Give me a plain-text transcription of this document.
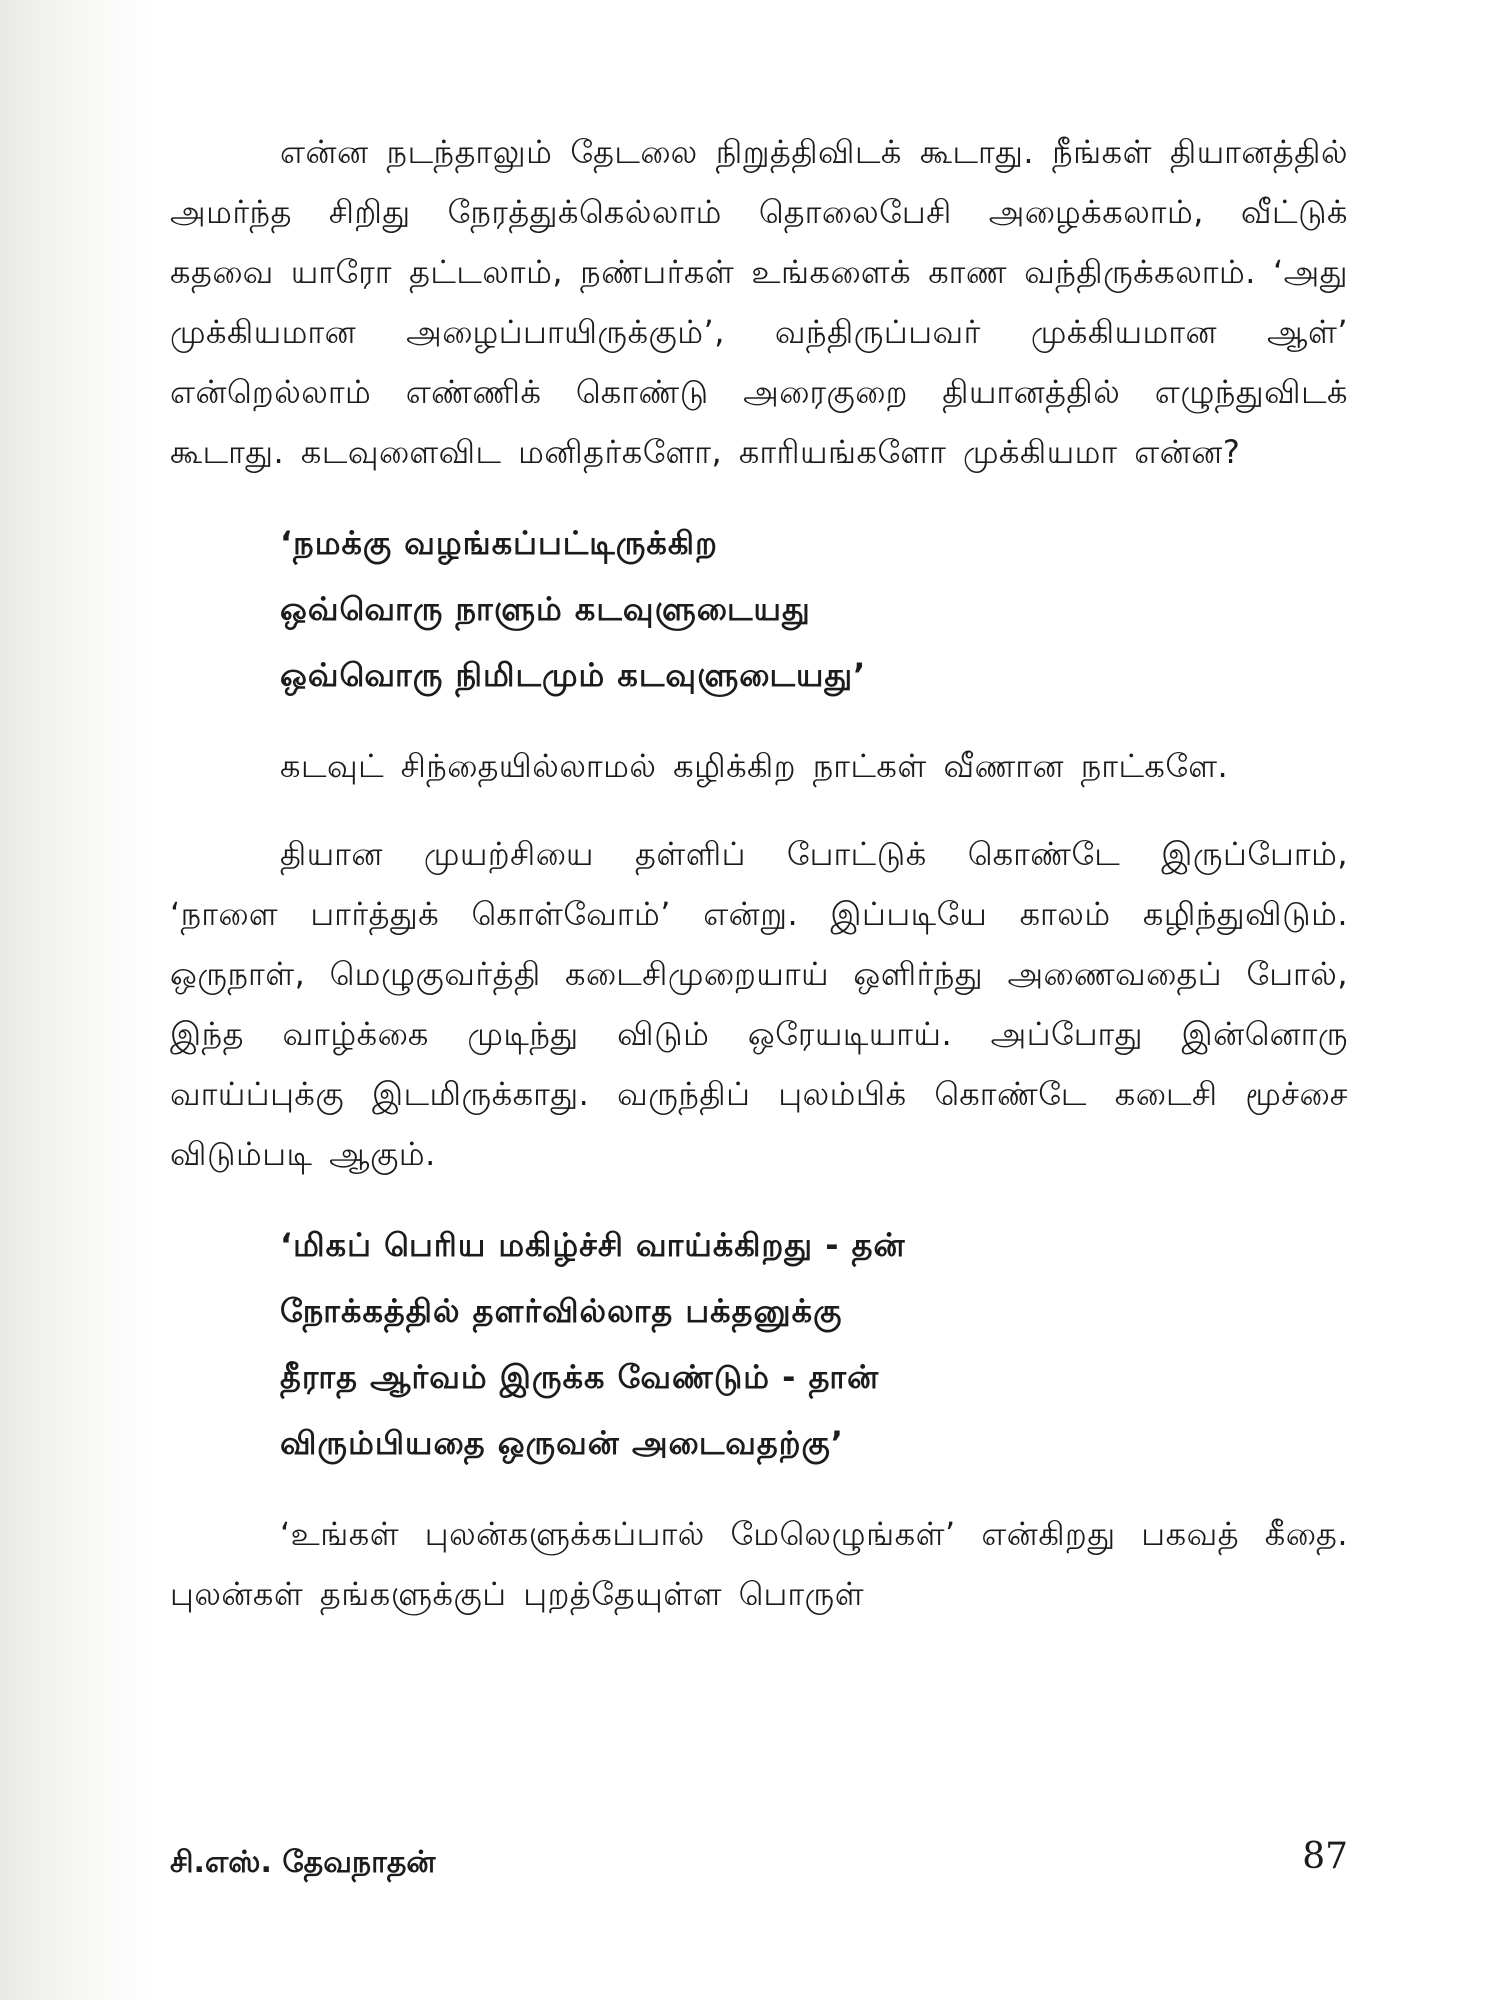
என்ன நடந்தாலும் தேடலை நிறுத்திவிடக் கூடாது. நீங்கள் தியானத்தில் அமர்ந்த சிறிது நேரத்துக்கெல்லாம் தொலைபேசி அழைக்கலாம், வீட்டுக் கதவை யாரோ தட்டலாம், நண்பர்கள் உங்களைக் காண வந்திருக்கலாம். ‘அது முக்கியமான அழைப்பாயிருக்கும்’, வந்திருப்பவர் முக்கியமான ஆள்’ என்றெல்லாம் எண்ணிக் கொண்டு அரைகுறை தியானத்தில் எழுந்துவிடக் கூடாது. கடவுளைவிட மனிதர்களோ, காரியங்களோ முக்கியமா என்ன?

‘நமக்கு வழங்கப்பட்டிருக்கிற
ஒவ்வொரு நாளும் கடவுளுடையது
ஒவ்வொரு நிமிடமும் கடவுளுடையது’

கடவுட் சிந்தையில்லாமல் கழிக்கிற நாட்கள் வீணான நாட்களே.

தியான முயற்சியை தள்ளிப் போட்டுக் கொண்டே இருப்போம், ‘நாளை பார்த்துக் கொள்வோம்’ என்று. இப்படியே காலம் கழிந்துவிடும். ஒருநாள், மெழுகுவர்த்தி கடைசிமுறையாய் ஒளிர்ந்து அணைவதைப் போல், இந்த வாழ்க்கை முடிந்து விடும் ஒரேயடியாய். அப்போது இன்னொரு வாய்ப்புக்கு இடமிருக்காது. வருந்திப் புலம்பிக் கொண்டே கடைசி மூச்சை விடும்படி ஆகும்.

‘மிகப் பெரிய மகிழ்ச்சி வாய்க்கிறது - தன்
நோக்கத்தில் தளர்வில்லாத பக்தனுக்கு
தீராத ஆர்வம் இருக்க வேண்டும் - தான்
விரும்பியதை ஒருவன் அடைவதற்கு’

‘உங்கள் புலன்களுக்கப்பால் மேலெழுங்கள்’ என்கிறது பகவத் கீதை. புலன்கள் தங்களுக்குப் புறத்தேயுள்ள பொருள்

சி.எஸ். தேவநாதன்	87
